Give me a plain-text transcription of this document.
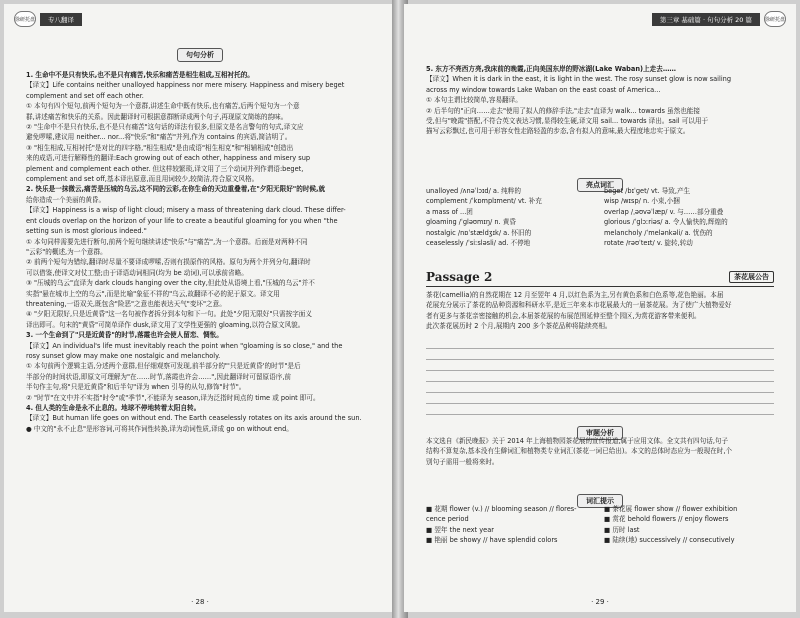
徐研托盘	专八翻译
句句分析
1. 生命中不是只有快乐,也不是只有痛苦,快乐和痛苦是相生相成,互相衬托的。
【译文】Life contains neither unalloyed happiness nor mere misery. Happiness and misery beget
complement and set off each other.
① 本句有四个短句,前两个短句为一个意群,讲述生命中既有快乐,也有痛苦,后两个短句为一个意
群,讲述痛苦和快乐的关系。因此翻译时可根据意群断译成两个句子,再现原文简练的韵味。
② "生命中不是只有快乐,也不是只有痛苦"这句话的译法有很多,但原文是名言警句的句式,译文应
避免啰嗦,建议用 neither... nor...将"快乐"和"痛苦"并列,作为 contains 的宾语,简洁明了。
③ "相生相成,互相衬托"是对比的四字格,"相生相成"是由成语"相生相克"和"相辅相成"创造出
来的成语,可进行解释性的翻译:Each growing out of each other, happiness and misery sup
plement and complement each other. 但这样较繁琐,译文用了三个动词并列作谓语:beget,
complement and set off,基本译出原意,而且用词较少,较简洁,符合原文风格。
2. 快乐是一抹微云,痛苦是压城的乌云,这不同的云彩,在你生命的天边重叠着,在"夕阳无限好"的时候,就
给你造成一个美丽的黄昏。
【译文】Happiness is a wisp of light cloud; misery a mass of threatening dark cloud. These differ-
ent clouds overlap on the horizon of your life to create a beautiful gloaming for you when "the
setting sun is most glorious indeed."
① 本句同样需要先进行断句,前两个短句继续讲述"快乐"与"痛苦",为一个意群。后面是对两种不同
"云彩"的概述,为一个意群。
② 前两个短句为错综,翻译时尽量不要译成啰嗦,否则有损原作的风格。原句为两个并列分句,翻译时
可以借鉴,使译文对仗工整;由于译语动词相同(均为 be 动词),可以承前省略。
③ "压城的乌云"直译为 dark clouds hanging over the city,但此处从语境上看,"压城的乌云"并不
实指"悬在城市上空的乌云",而是比喻"象征不祥的"乌云,故翻译不必的泥于原文。译文用
threatening,一语双关,既包含"险恶"之意也能表达天气"变坏"之意。
④ "夕阳无限好,只是近黄昏"这一名句被作者拆分到本句和下一句。此处"夕阳无限好"只需按字面义
译出即可。句末的"黄昏"可简单译作 dusk,译文用了文学性更强的 gloaming,以符合原文风貌。
3. 一个生命到了"只是近黄昏"的时节,落霞也许会使人留恋、惆怅。
【译文】An individual's life must inevitably reach the point when "gloaming is so close," and the
rosy sunset glow may make one nostalgic and melancholy.
① 本句前两个逻辑主语,分述两个意群,但仔细观察可发现,前半部分的"'只是近黄昏'的时节"是后
半部分的时间状语,即原文可理解为"在……时节,落霞也许会……",因此翻译时可留原语序,前
半句作主句,将"只是近黄昏"和后半句"译为 when 引导的从句,修饰"时节"。
② "时节"在文中并不实指"时令"或"季节",不能译为 season,译为泛指时间点的 time 或 point 即可。
4. 但人类的生命是永不止息的。地球不停地转着太阳自转。
【译文】But human life goes on without end. The Earth ceaselessly rotates on its axis around the sun.
● 中文的"永不止息"是形容词,可将其作词性转换,译为动词性质,译成 go on without end。
· 28 ·
第三章 基础篇 · 句句分析 20 篇	徐研托盘
5. 东方不亮西方亮,我床前的晚霞,正向美国东岸的野冰湖(Lake Waban)上走去……
【译文】When it is dark in the east, it is light in the west. The rosy sunset glow is now sailing
across my window towards Lake Waban on the east coast of America...
① 本句主谓比较简单,容易翻译。
② 后半句的"正向……走去"使用了拟人的修辞手法,"走去"直译为 walk... towards 虽然也能接
受,但与"晚霞"搭配,不符合英文表达习惯,显得较生硬,译文用 sail... towards 译出。sail 可以用于
描写云彩飘过,也可用于形容女性走路轻盈的步态,含有拟人的意味,最大程度地忠实于原文。
亮点词汇
unalloyed /ʌnəˈlɔɪd/ a. 纯粹的
complement /ˈkɒmplɪment/ vt. 补充
a mass of ...团
gloaming /ˈɡləʊmɪŋ/ n. 黄昏
nostalgic /nɒˈstældʒɪk/ a. 怀旧的
ceaselessly /ˈsiːsləsli/ ad. 不停地
beget /bɪˈɡet/ vt. 导致,产生
wisp /wɪsp/ n. 小束,小捆
overlap /ˌəʊvəˈlæp/ v. 与……部分重叠
glorious /ˈɡlɔːriəs/ a. 令人愉快的,辉煌的
melancholy /ˈmelənkəli/ a. 忧伤的
rotate /rəʊˈteɪt/ v. 旋转,转动
Passage 2	茶花展公告
茶花(camellia)的自然花期在 12 月至翌年 4 月,以红色系为主,另有黄色系和白色系等,花色艳丽。本届
花展充分展示了茶花的品种资源和科研水平,是近三年来本市花展最大的一届茶花展。为了使广大植物爱好
者有更多与茶花亲密接触的机会,本届茶花展的布展范围延伸至整个园区,为赏花游客带来便利。
此次茶花展历时 2 个月,展期内 200 多个茶花品种将陆续亮相。
审题分析
本文选自《新民晚报》关于 2014 年上海植物园茶花展的宣传报道,属于应用文体。全文共有四句话,句子
结构不算复杂,基本没有生僻词汇和植物类专业词汇(茶花一词已给出)。本文的总体时态应为一般现在时,个
别句子需用一般将来时。
词汇提示
■ 花期 flower (v.) // blooming season // flores-
cence period
■ 翌年 the next year
■ 艳丽 be showy // have splendid colors
■ 茶花展 flower show // flower exhibition
■ 赏花 behold flowers // enjoy flowers
■ 历时 last
■ 陆续(地) successively // consecutively
· 29 ·
